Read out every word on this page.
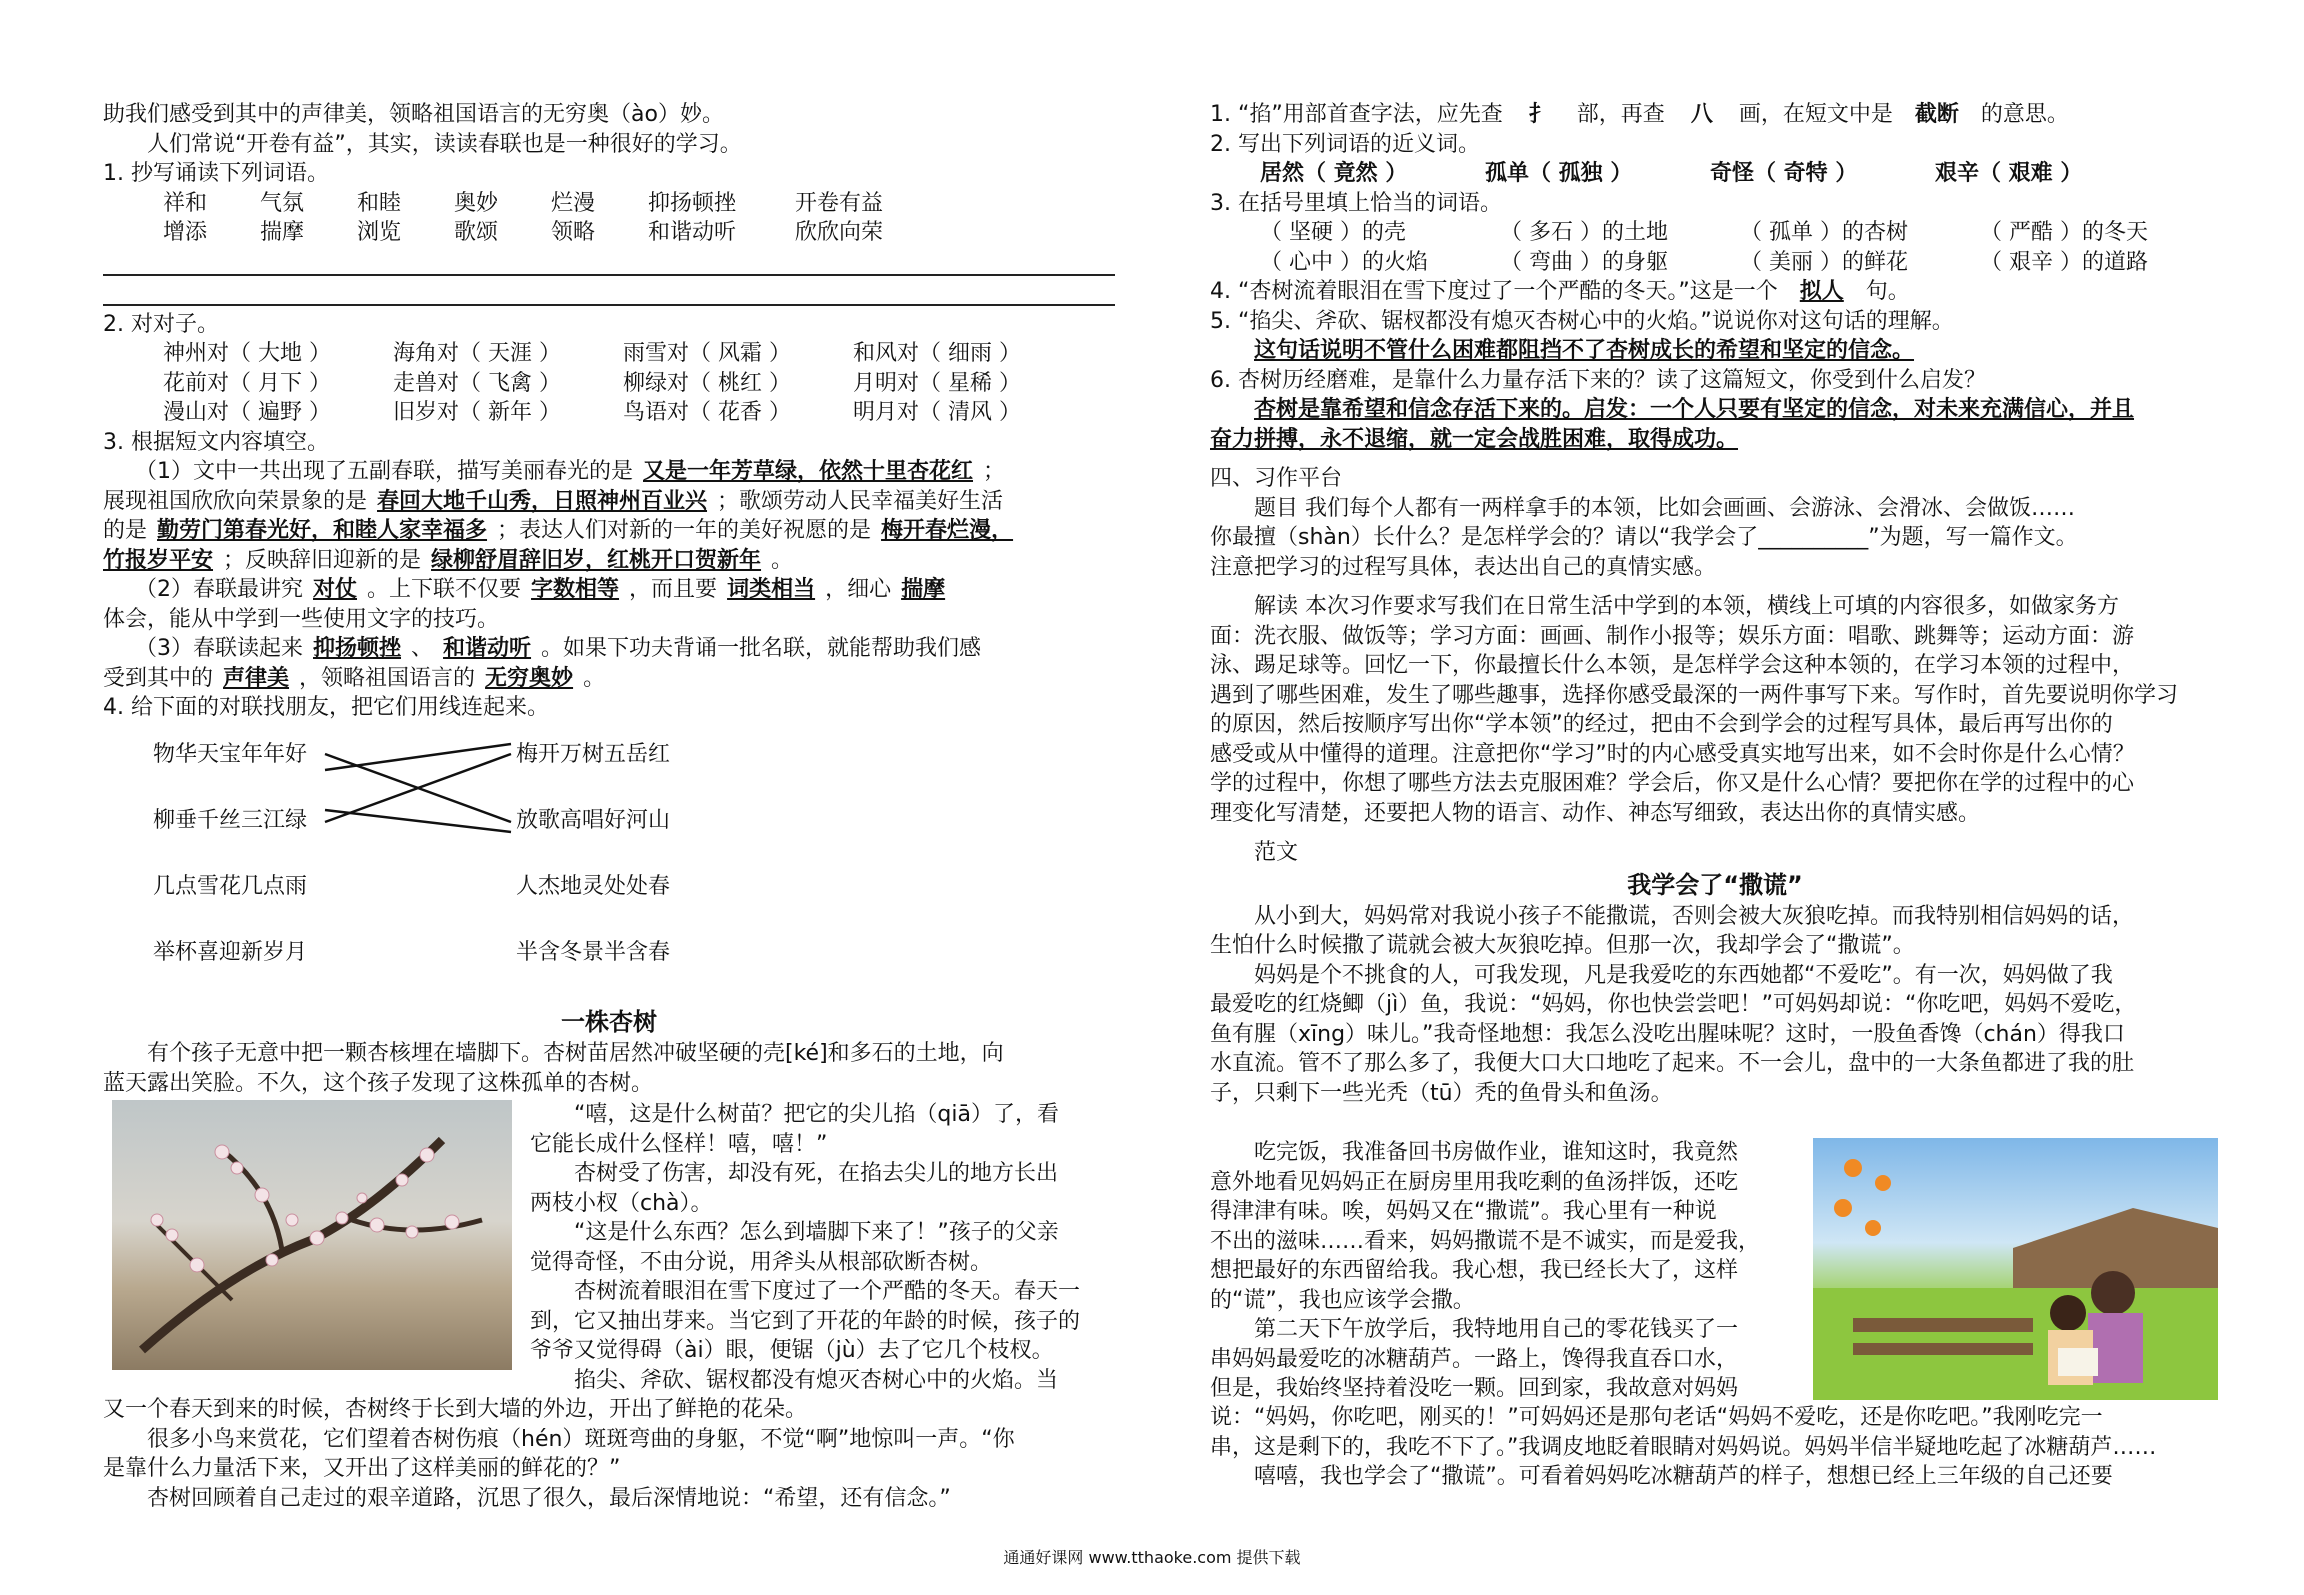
助我们感受到其中的声律美，领略祖国语言的无穷奥（ào）妙。
人们常说“开卷有益”，其实，读读春联也是一种很好的学习。
1. 抄写诵读下列词语。
祥和	气氛	和睦	奥妙	烂漫	抑扬顿挫	开卷有益
增添	揣摩	浏览	歌颂	领略	和谐动听	欣欣向荣
2. 对对子。
神州对（ 大地 ）	海角对（ 天涯 ）	雨雪对（ 风霜 ）	和风对（ 细雨 ）
花前对（ 月下 ）	走兽对（ 飞禽 ）	柳绿对（ 桃红 ）	月明对（ 星稀 ）
漫山对（ 遍野 ）	旧岁对（ 新年 ）	鸟语对（ 花香 ）	明月对（ 清风 ）
3. 根据短文内容填空。
（1）文中一共出现了五副春联，描写美丽春光的是 又是一年芳草绿，依然十里杏花红 ；
展现祖国欣欣向荣景象的是 春回大地千山秀，日照神州百业兴 ；歌颂劳动人民幸福美好生活
的是 勤劳门第春光好，和睦人家幸福多 ；表达人们对新的一年的美好祝愿的是 梅开春烂漫，
竹报岁平安 ；反映辞旧迎新的是 绿柳舒眉辞旧岁，红桃开口贺新年 。
（2）春联最讲究 对仗 。上下联不仅要 字数相等 ，而且要 词类相当 ，细心 揣摩
体会，能从中学到一些使用文字的技巧。
（3）春联读起来 抑扬顿挫 、 和谐动听 。如果下功夫背诵一批名联，就能帮助我们感
受到其中的 声律美 ，领略祖国语言的 无穷奥妙 。
4. 给下面的对联找朋友，把它们用线连起来。
物华天宝年年好
柳垂千丝三江绿
几点雪花几点雨
举杯喜迎新岁月
梅开万树五岳红
放歌高唱好河山
人杰地灵处处春
半含冬景半含春
一株杏树
有个孩子无意中把一颗杏核埋在墙脚下。杏树苗居然冲破坚硬的壳[ké]和多石的土地，向
蓝天露出笑脸。不久，这个孩子发现了这株孤单的杏树。
“嘻，这是什么树苗？把它的尖儿掐（qiā）了，看
它能长成什么怪样！嘻，嘻！”
杏树受了伤害，却没有死，在掐去尖儿的地方长出
两枝小杈（chà）。
“这是什么东西？怎么到墙脚下来了！”孩子的父亲
觉得奇怪，不由分说，用斧头从根部砍断杏树。
杏树流着眼泪在雪下度过了一个严酷的冬天。春天一
到，它又抽出芽来。当它到了开花的年龄的时候，孩子的
爷爷又觉得碍（ài）眼，便锯（jù）去了它几个枝杈。
掐尖、斧砍、锯杈都没有熄灭杏树心中的火焰。当
又一个春天到来的时候，杏树终于长到大墙的外边，开出了鲜艳的花朵。
很多小鸟来赏花，它们望着杏树伤痕（hén）斑斑弯曲的身躯，不觉“啊”地惊叫一声。“你
是靠什么力量活下来，又开出了这样美丽的鲜花的？”
杏树回顾着自己走过的艰辛道路，沉思了很久，最后深情地说：“希望，还有信念。”
1. “掐”用部首查字法，应先查 扌 部，再查 八 画，在短文中是 截断 的意思。
2. 写出下列词语的近义词。
居然（ 竟然 ）	孤单（ 孤独 ）	奇怪（ 奇特 ）	艰辛（ 艰难 ）
3. 在括号里填上恰当的词语。
（ 坚硬 ）的壳	（ 多石 ）的土地	（ 孤单 ）的杏树	（ 严酷 ）的冬天
（ 心中 ）的火焰	（ 弯曲 ）的身躯	（ 美丽 ）的鲜花	（ 艰辛 ）的道路
4. “杏树流着眼泪在雪下度过了一个严酷的冬天。”这是一个 拟人 句。
5. “掐尖、斧砍、锯杈都没有熄灭杏树心中的火焰。”说说你对这句话的理解。
这句话说明不管什么困难都阻挡不了杏树成长的希望和坚定的信念。
6. 杏树历经磨难，是靠什么力量存活下来的？读了这篇短文，你受到什么启发？
杏树是靠希望和信念存活下来的。启发：一个人只要有坚定的信念，对未来充满信心，并且
奋力拼搏，永不退缩，就一定会战胜困难，取得成功。
四、习作平台
题目 我们每个人都有一两样拿手的本领，比如会画画、会游泳、会滑冰、会做饭……
你最擅（shàn）长什么？是怎样学会的？请以“我学会了__________”为题，写一篇作文。
注意把学习的过程写具体，表达出自己的真情实感。
解读 本次习作要求写我们在日常生活中学到的本领，横线上可填的内容很多，如做家务方
面：洗衣服、做饭等；学习方面：画画、制作小报等；娱乐方面：唱歌、跳舞等；运动方面：游
泳、踢足球等。回忆一下，你最擅长什么本领，是怎样学会这种本领的，在学习本领的过程中，
遇到了哪些困难，发生了哪些趣事，选择你感受最深的一两件事写下来。写作时，首先要说明你学习
的原因，然后按顺序写出你“学本领”的经过，把由不会到学会的过程写具体，最后再写出你的
感受或从中懂得的道理。注意把你“学习”时的内心感受真实地写出来，如不会时你是什么心情？
学的过程中，你想了哪些方法去克服困难？学会后，你又是什么心情？要把你在学的过程中的心
理变化写清楚，还要把人物的语言、动作、神态写细致，表达出你的真情实感。
范文
我学会了“撒谎”
从小到大，妈妈常对我说小孩子不能撒谎，否则会被大灰狼吃掉。而我特别相信妈妈的话，
生怕什么时候撒了谎就会被大灰狼吃掉。但那一次，我却学会了“撒谎”。
妈妈是个不挑食的人，可我发现，凡是我爱吃的东西她都“不爱吃”。有一次，妈妈做了我
最爱吃的红烧鲫（jì）鱼，我说：“妈妈，你也快尝尝吧！”可妈妈却说：“你吃吧，妈妈不爱吃，
鱼有腥（xīng）味儿。”我奇怪地想：我怎么没吃出腥味呢？这时，一股鱼香馋（chán）得我口
水直流。管不了那么多了，我便大口大口地吃了起来。不一会儿，盘中的一大条鱼都进了我的肚
子，只剩下一些光秃（tū）秃的鱼骨头和鱼汤。
吃完饭，我准备回书房做作业，谁知这时，我竟然
意外地看见妈妈正在厨房里用我吃剩的鱼汤拌饭，还吃
得津津有味。唉，妈妈又在“撒谎”。我心里有一种说
不出的滋味……看来，妈妈撒谎不是不诚实，而是爱我，
想把最好的东西留给我。我心想，我已经长大了，这样
的“谎”，我也应该学会撒。
第二天下午放学后，我特地用自己的零花钱买了一
串妈妈最爱吃的冰糖葫芦。一路上，馋得我直吞口水，
但是，我始终坚持着没吃一颗。回到家，我故意对妈妈
说：“妈妈，你吃吧，刚买的！”可妈妈还是那句老话“妈妈不爱吃，还是你吃吧。”我刚吃完一
串，这是剩下的，我吃不下了。”我调皮地眨着眼睛对妈妈说。妈妈半信半疑地吃起了冰糖葫芦……
嘻嘻，我也学会了“撒谎”。可看着妈妈吃冰糖葫芦的样子，想想已经上三年级的自己还要
通通好课网 www.tthaoke.com 提供下载
